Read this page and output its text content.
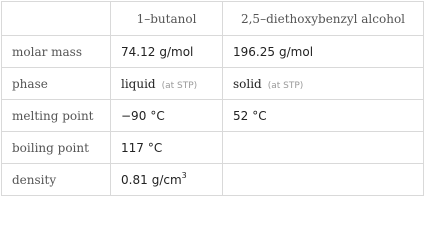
	1–butanol	2,5–diethoxybenzyl alcohol
molar mass	74.12 g/mol	196.25 g/mol
phase	liquid (at STP)	solid (at STP)
melting point	−90 °C	52 °C
boiling point	117 °C	
density	0.81 $g/cm^3$	
